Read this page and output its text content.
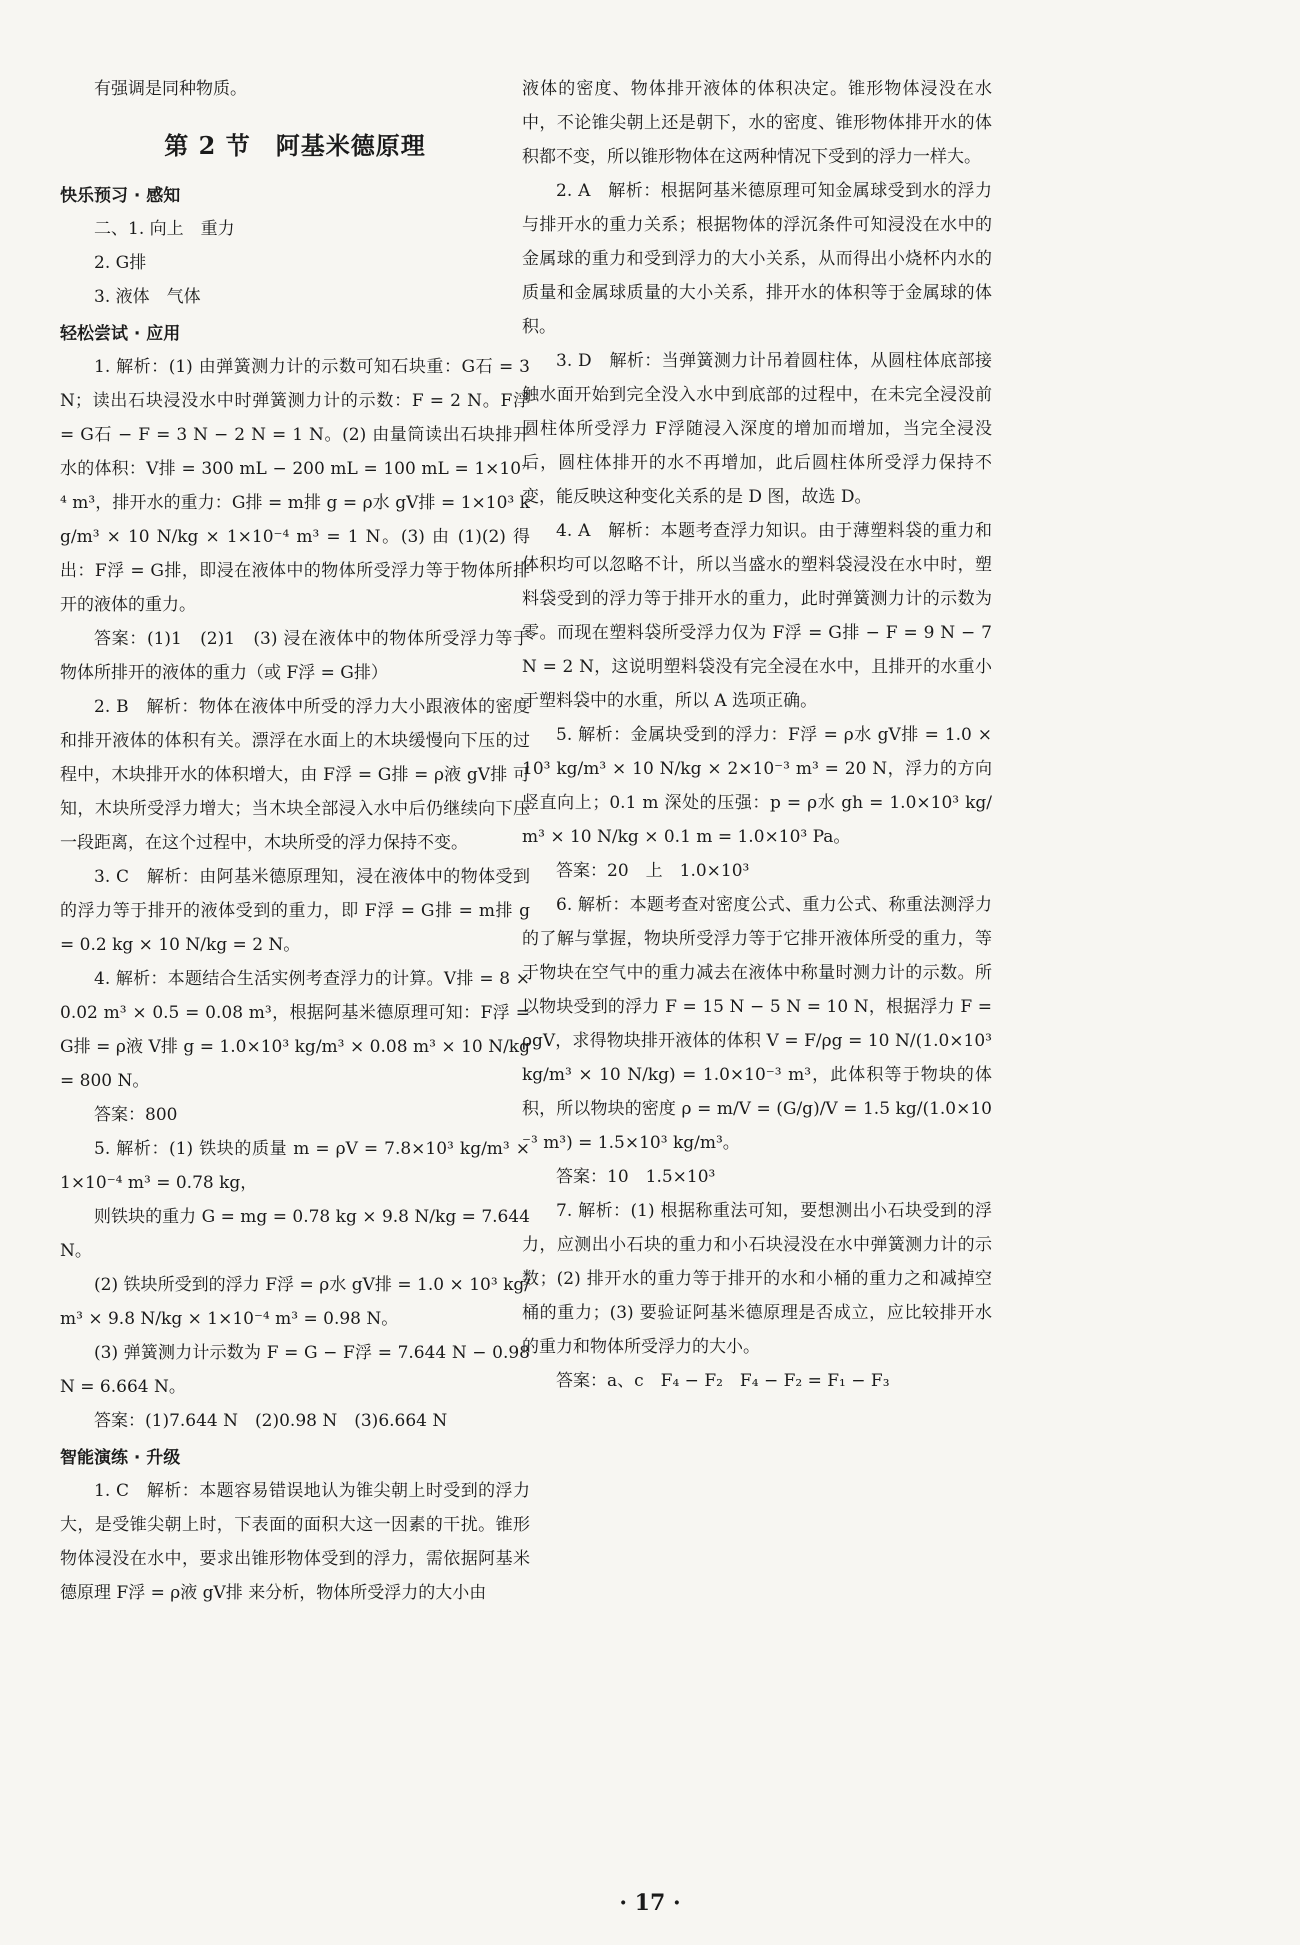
有强调是同种物质。

第 2 节　阿基米德原理
快乐预习 · 感知

二、1. 向上　重力

2. G排

3. 液体　气体

轻松尝试 · 应用

1. 解析：(1) 由弹簧测力计的示数可知石块重：G石 = 3 N；读出石块浸没水中时弹簧测力计的示数：F = 2 N。F浮 = G石 − F = 3 N − 2 N = 1 N。(2) 由量筒读出石块排开水的体积：V排 = 300 mL − 200 mL = 100 mL = 1×10⁻⁴ m³，排开水的重力：G排 = m排 g = ρ水 gV排 = 1×10³ kg/m³ × 10 N/kg × 1×10⁻⁴ m³ = 1 N。(3) 由 (1)(2) 得出：F浮 = G排，即浸在液体中的物体所受浮力等于物体所排开的液体的重力。

答案：(1)1　(2)1　(3) 浸在液体中的物体所受浮力等于物体所排开的液体的重力（或 F浮 = G排）

2. B　解析：物体在液体中所受的浮力大小跟液体的密度和排开液体的体积有关。漂浮在水面上的木块缓慢向下压的过程中，木块排开水的体积增大，由 F浮 = G排 = ρ液 gV排 可知，木块所受浮力增大；当木块全部浸入水中后仍继续向下压一段距离，在这个过程中，木块所受的浮力保持不变。

3. C　解析：由阿基米德原理知，浸在液体中的物体受到的浮力等于排开的液体受到的重力，即 F浮 = G排 = m排 g = 0.2 kg × 10 N/kg = 2 N。

4. 解析：本题结合生活实例考查浮力的计算。V排 = 8 × 0.02 m³ × 0.5 = 0.08 m³，根据阿基米德原理可知：F浮 = G排 = ρ液 V排 g = 1.0×10³ kg/m³ × 0.08 m³ × 10 N/kg = 800 N。

答案：800

5. 解析：(1) 铁块的质量 m = ρV = 7.8×10³ kg/m³ × 1×10⁻⁴ m³ = 0.78 kg，

则铁块的重力 G = mg = 0.78 kg × 9.8 N/kg = 7.644 N。

(2) 铁块所受到的浮力 F浮 = ρ水 gV排 = 1.0 × 10³ kg/m³ × 9.8 N/kg × 1×10⁻⁴ m³ = 0.98 N。

(3) 弹簧测力计示数为 F = G − F浮 = 7.644 N − 0.98 N = 6.664 N。

答案：(1)7.644 N　(2)0.98 N　(3)6.664 N

智能演练 · 升级

1. C　解析：本题容易错误地认为锥尖朝上时受到的浮力大，是受锥尖朝上时，下表面的面积大这一因素的干扰。锥形物体浸没在水中，要求出锥形物体受到的浮力，需依据阿基米德原理 F浮 = ρ液 gV排 来分析，物体所受浮力的大小由

液体的密度、物体排开液体的体积决定。锥形物体浸没在水中，不论锥尖朝上还是朝下，水的密度、锥形物体排开水的体积都不变，所以锥形物体在这两种情况下受到的浮力一样大。

2. A　解析：根据阿基米德原理可知金属球受到水的浮力与排开水的重力关系；根据物体的浮沉条件可知浸没在水中的金属球的重力和受到浮力的大小关系，从而得出小烧杯内水的质量和金属球质量的大小关系，排开水的体积等于金属球的体积。

3. D　解析：当弹簧测力计吊着圆柱体，从圆柱体底部接触水面开始到完全没入水中到底部的过程中，在未完全浸没前圆柱体所受浮力 F浮随浸入深度的增加而增加，当完全浸没后，圆柱体排开的水不再增加，此后圆柱体所受浮力保持不变，能反映这种变化关系的是 D 图，故选 D。

4. A　解析：本题考查浮力知识。由于薄塑料袋的重力和体积均可以忽略不计，所以当盛水的塑料袋浸没在水中时，塑料袋受到的浮力等于排开水的重力，此时弹簧测力计的示数为零。而现在塑料袋所受浮力仅为 F浮 = G排 − F = 9 N − 7 N = 2 N，这说明塑料袋没有完全浸在水中，且排开的水重小于塑料袋中的水重，所以 A 选项正确。

5. 解析：金属块受到的浮力：F浮 = ρ水 gV排 = 1.0 × 10³ kg/m³ × 10 N/kg × 2×10⁻³ m³ = 20 N，浮力的方向竖直向上；0.1 m 深处的压强：p = ρ水 gh = 1.0×10³ kg/m³ × 10 N/kg × 0.1 m = 1.0×10³ Pa。

答案：20　上　1.0×10³

6. 解析：本题考查对密度公式、重力公式、称重法测浮力的了解与掌握，物块所受浮力等于它排开液体所受的重力，等于物块在空气中的重力减去在液体中称量时测力计的示数。所以物块受到的浮力 F = 15 N − 5 N = 10 N，根据浮力 F = ρgV，求得物块排开液体的体积 V = F/ρg = 10 N/(1.0×10³ kg/m³ × 10 N/kg) = 1.0×10⁻³ m³，此体积等于物块的体积，所以物块的密度 ρ = m/V = (G/g)/V = 1.5 kg/(1.0×10⁻³ m³) = 1.5×10³ kg/m³。

答案：10　1.5×10³

7. 解析：(1) 根据称重法可知，要想测出小石块受到的浮力，应测出小石块的重力和小石块浸没在水中弹簧测力计的示数；(2) 排开水的重力等于排开的水和小桶的重力之和减掉空桶的重力；(3) 要验证阿基米德原理是否成立，应比较排开水的重力和物体所受浮力的大小。

答案：a、c　F₄ − F₂　F₄ − F₂ = F₁ − F₃

· 17 ·
